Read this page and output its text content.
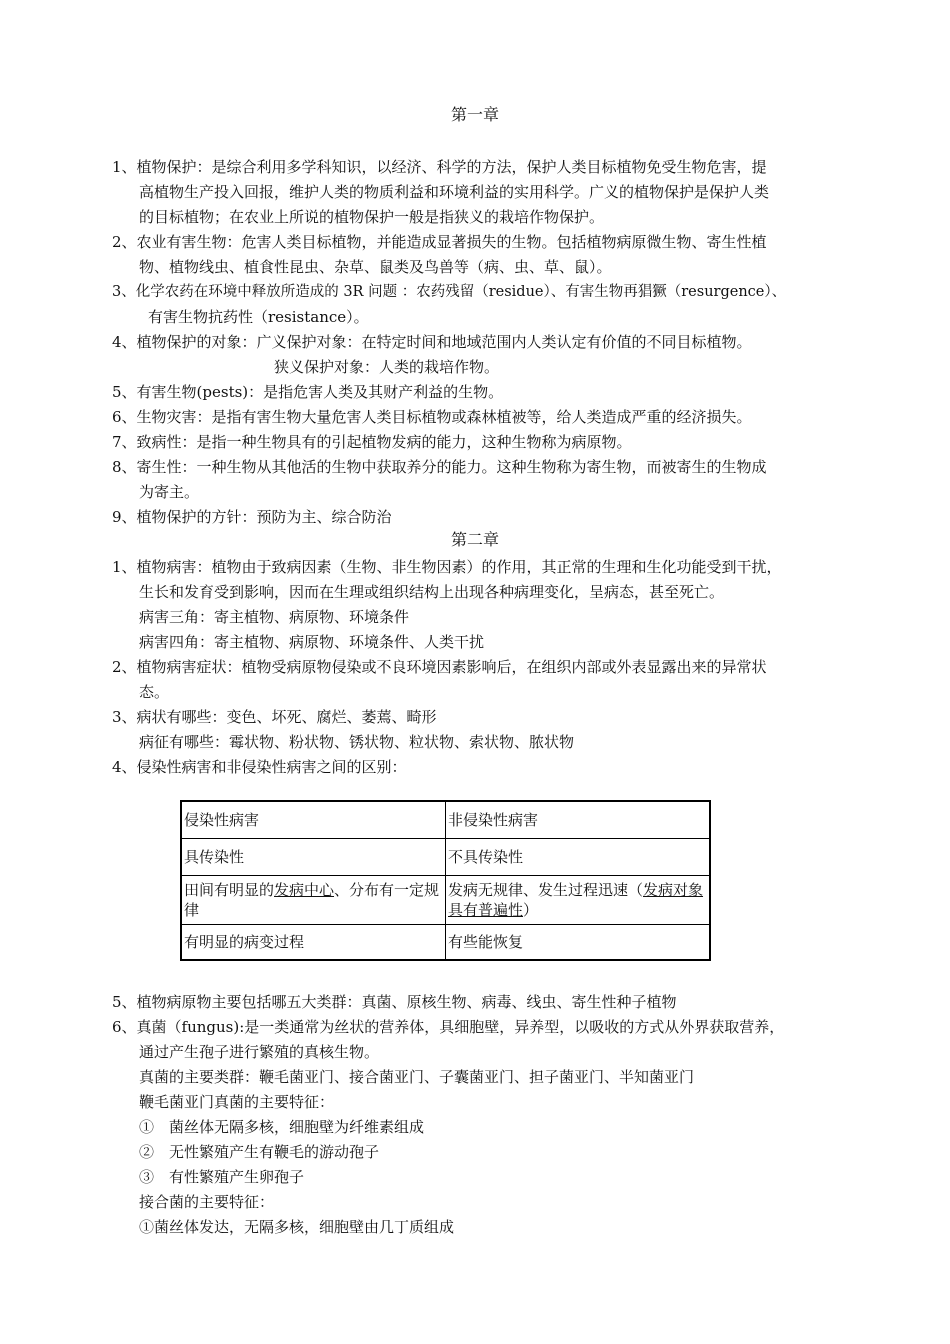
第一章
1、植物保护：是综合利用多学科知识，以经济、科学的方法，保护人类目标植物免受生物危害，提
高植物生产投入回报，维护人类的物质利益和环境利益的实用科学。广义的植物保护是保护人类
的目标植物；在农业上所说的植物保护一般是指狭义的栽培作物保护。
2、农业有害生物：危害人类目标植物，并能造成显著损失的生物。包括植物病原微生物、寄生性植
物、植物线虫、植食性昆虫、杂草、鼠类及鸟兽等（病、虫、草、鼠）。
3、化学农药在环境中释放所造成的 3R 问题 ：农药残留（residue）、有害生物再猖獗（resurgence）、
有害生物抗药性（resistance）。
4、植物保护的对象：广义保护对象：在特定时间和地域范围内人类认定有价值的不同目标植物。
狭义保护对象：人类的栽培作物。
5、有害生物(pests)：是指危害人类及其财产利益的生物。
6、生物灾害：是指有害生物大量危害人类目标植物或森林植被等，给人类造成严重的经济损失。
7、致病性：是指一种生物具有的引起植物发病的能力，这种生物称为病原物。
8、寄生性：一种生物从其他活的生物中获取养分的能力。这种生物称为寄生物，而被寄生的生物成
为寄主。
9、植物保护的方针：预防为主、综合防治
第二章
1、植物病害：植物由于致病因素（生物、非生物因素）的作用，其正常的生理和生化功能受到干扰，
生长和发育受到影响，因而在生理或组织结构上出现各种病理变化，呈病态，甚至死亡。
病害三角：寄主植物、病原物、环境条件
病害四角：寄主植物、病原物、环境条件、人类干扰
2、植物病害症状：植物受病原物侵染或不良环境因素影响后，在组织内部或外表显露出来的异常状
态。
3、病状有哪些：变色、坏死、腐烂、萎蔫、畸形
病征有哪些：霉状物、粉状物、锈状物、粒状物、索状物、脓状物
4、侵染性病害和非侵染性病害之间的区别：
侵染性病害	非侵染性病害
具传染性	不具传染性
田间有明显的发病中心、分布有一定规律	发病无规律、发生过程迅速（发病对象具有普遍性）
有明显的病变过程	有些能恢复
5、植物病原物主要包括哪五大类群：真菌、原核生物、病毒、线虫、寄生性种子植物
6、真菌（fungus):是一类通常为丝状的营养体，具细胞壁，异养型，以吸收的方式从外界获取营养，
通过产生孢子进行繁殖的真核生物。
真菌的主要类群：鞭毛菌亚门、接合菌亚门、子囊菌亚门、担子菌亚门、半知菌亚门
鞭毛菌亚门真菌的主要特征：
①　菌丝体无隔多核，细胞壁为纤维素组成
②　无性繁殖产生有鞭毛的游动孢子
③　有性繁殖产生卵孢子
接合菌的主要特征：
①菌丝体发达，无隔多核，细胞壁由几丁质组成
